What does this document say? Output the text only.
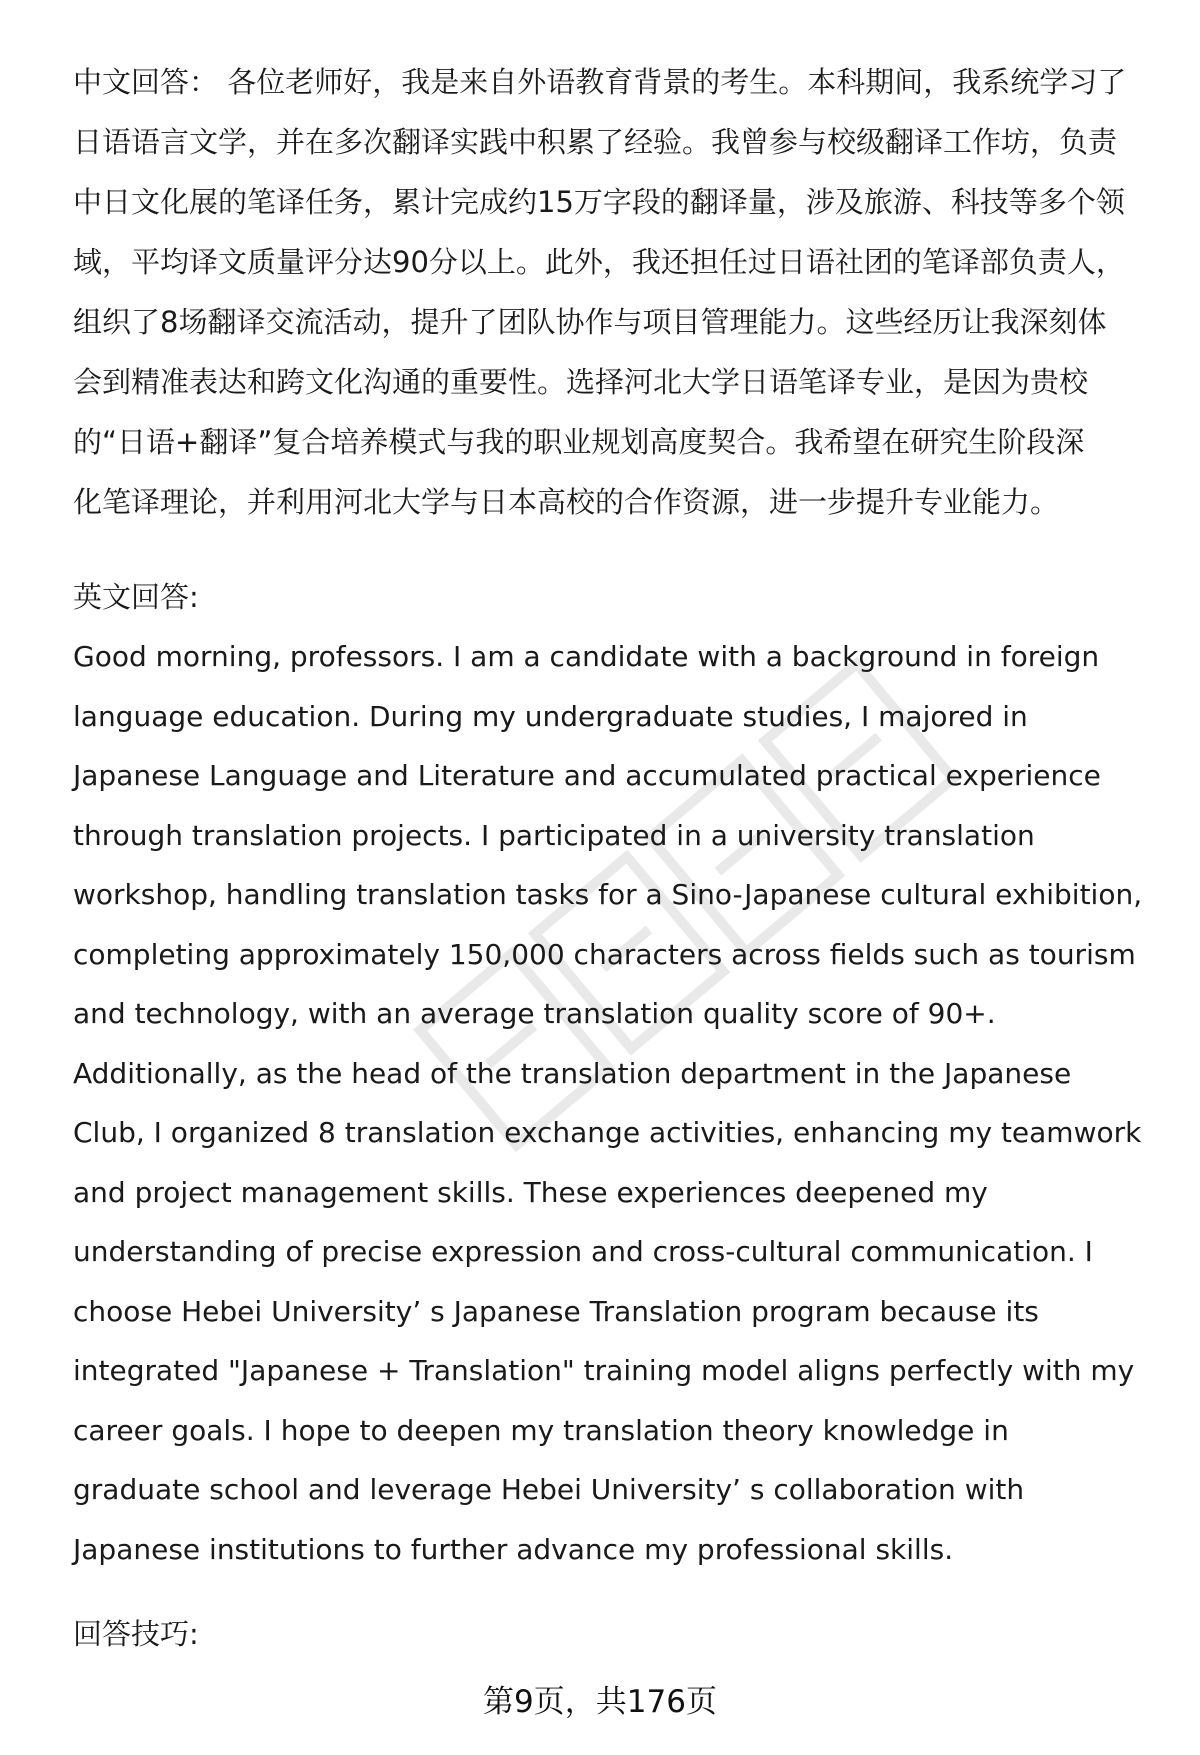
中文回答： 各位老师好，我是来自外语教育背景的考生。本科期间，我系统学习了
日语语言文学，并在多次翻译实践中积累了经验。我曾参与校级翻译工作坊，负责
中日文化展的笔译任务，累计完成约15万字段的翻译量，涉及旅游、科技等多个领
域，平均译文质量评分达90分以上。此外，我还担任过日语社团的笔译部负责人，
组织了8场翻译交流活动，提升了团队协作与项目管理能力。这些经历让我深刻体
会到精准表达和跨文化沟通的重要性。选择河北大学日语笔译专业，是因为贵校
的“日语+翻译”复合培养模式与我的职业规划高度契合。我希望在研究生阶段深
化笔译理论，并利用河北大学与日本高校的合作资源，进一步提升专业能力。
英文回答:
Good morning, professors. I am a candidate with a background in foreign
language education. During my undergraduate studies, I majored in
Japanese Language and Literature and accumulated practical experience
through translation projects. I participated in a university translation
workshop, handling translation tasks for a Sino-Japanese cultural exhibition,
completing approximately 150,000 characters across fields such as tourism
and technology, with an average translation quality score of 90+.
Additionally, as the head of the translation department in the Japanese
Club, I organized 8 translation exchange activities, enhancing my teamwork
and project management skills. These experiences deepened my
understanding of precise expression and cross-cultural communication. I
choose Hebei University’ s Japanese Translation program because its
integrated "Japanese + Translation" training model aligns perfectly with my
career goals. I hope to deepen my translation theory knowledge in
graduate school and leverage Hebei University’ s collaboration with
Japanese institutions to further advance my professional skills.
回答技巧:
第9页，共176页
